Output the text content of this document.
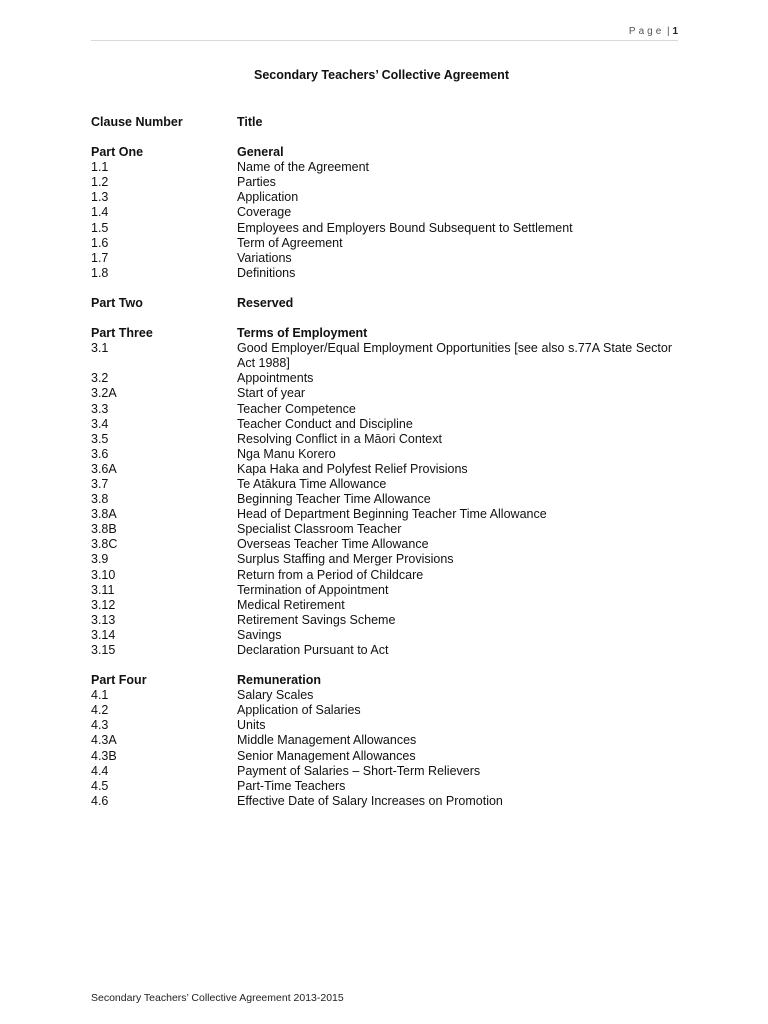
Page | 1
Secondary Teachers’ Collective Agreement
Clause Number	Title
Part One	General
1.1	Name of the Agreement
1.2	Parties
1.3	Application
1.4	Coverage
1.5	Employees and Employers Bound Subsequent to Settlement
1.6	Term of Agreement
1.7	Variations
1.8	Definitions
Part Two	Reserved
Part Three	Terms of Employment
3.1	Good Employer/Equal Employment Opportunities [see also s.77A State Sector Act 1988]
3.2	Appointments
3.2A	Start of year
3.3	Teacher Competence
3.4	Teacher Conduct and Discipline
3.5	Resolving Conflict in a Māori Context
3.6	Nga Manu Korero
3.6A	Kapa Haka and Polyfest Relief Provisions
3.7	Te Atākura Time Allowance
3.8	Beginning Teacher Time Allowance
3.8A	Head of Department Beginning Teacher Time Allowance
3.8B	Specialist Classroom Teacher
3.8C	Overseas Teacher Time Allowance
3.9	Surplus Staffing and Merger Provisions
3.10	Return from a Period of Childcare
3.11	Termination of Appointment
3.12	Medical Retirement
3.13	Retirement Savings Scheme
3.14	Savings
3.15	Declaration Pursuant to Act
Part Four	Remuneration
4.1	Salary Scales
4.2	Application of Salaries
4.3	Units
4.3A	Middle Management Allowances
4.3B	Senior Management Allowances
4.4	Payment of Salaries – Short-Term Relievers
4.5	Part-Time Teachers
4.6	Effective Date of Salary Increases on Promotion
Secondary Teachers’ Collective Agreement 2013-2015
